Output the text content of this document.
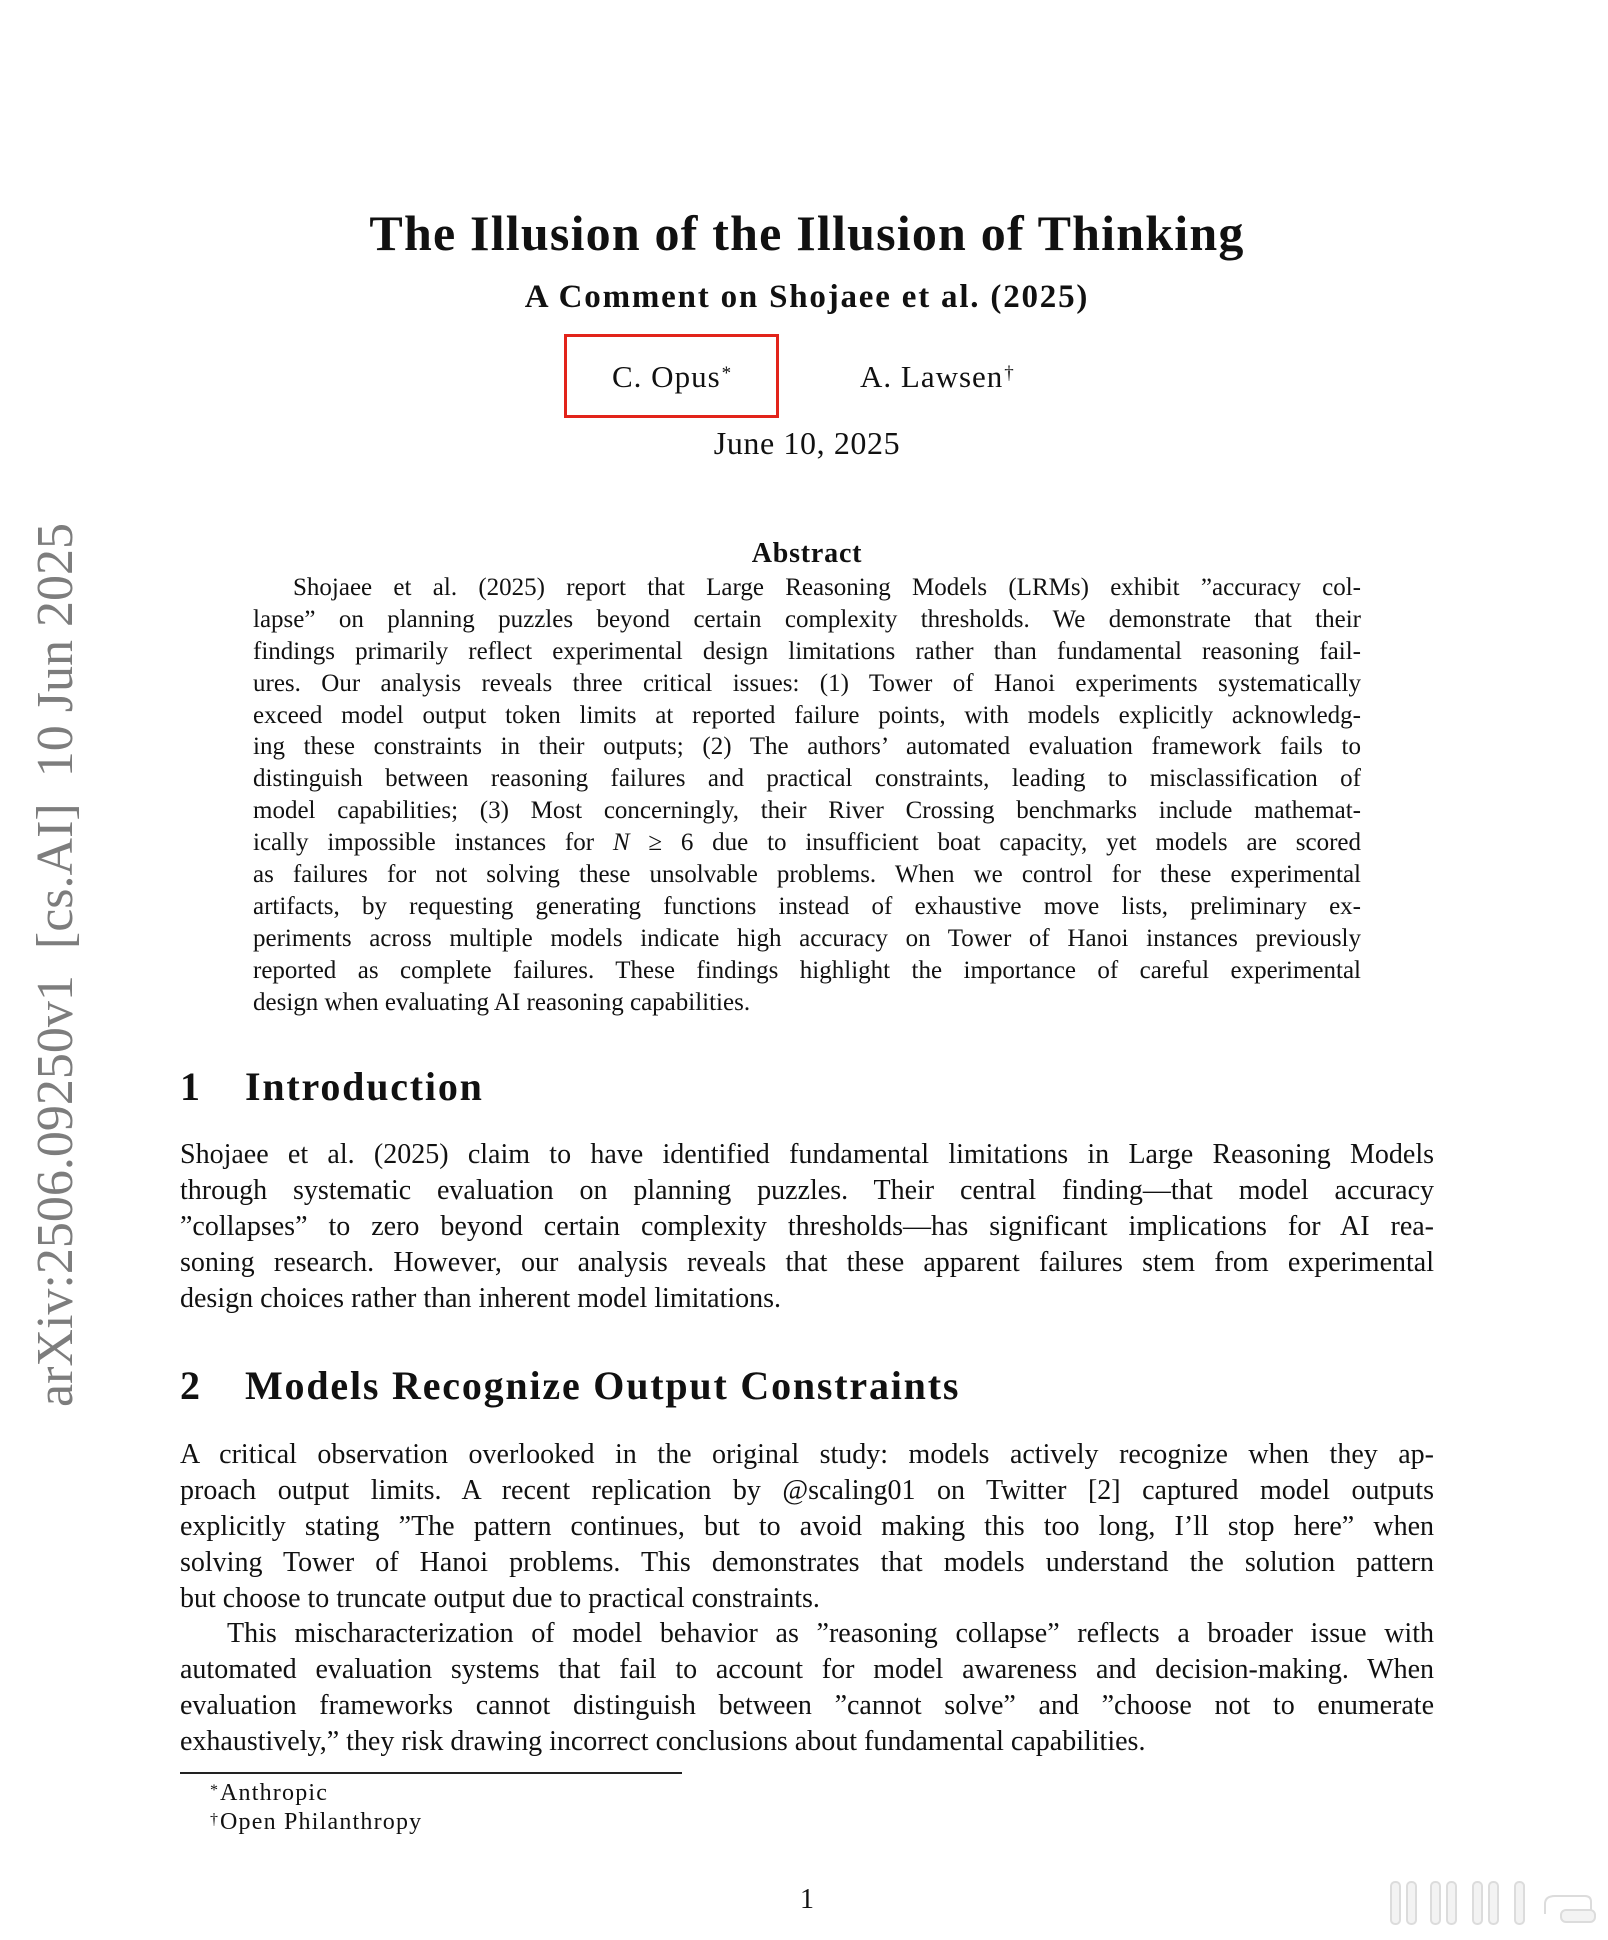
arXiv:2506.09250v1[cs.AI]10 Jun 2025
The Illusion of the Illusion of Thinking
A Comment on Shojaee et al. (2025)
C. Opus*	A. Lawsen†
June 10, 2025
Abstract
Shojaee et al. (2025) report that Large Reasoning Models (LRMs) exhibit ”accuracy col-
lapse” on planning puzzles beyond certain complexity thresholds. We demonstrate that their
findings primarily reflect experimental design limitations rather than fundamental reasoning fail-
ures. Our analysis reveals three critical issues: (1) Tower of Hanoi experiments systematically
exceed model output token limits at reported failure points, with models explicitly acknowledg-
ing these constraints in their outputs; (2) The authors’ automated evaluation framework fails to
distinguish between reasoning failures and practical constraints, leading to misclassification of
model capabilities; (3) Most concerningly, their River Crossing benchmarks include mathemat-
ically impossible instances for N ≥ 6 due to insufficient boat capacity, yet models are scored
as failures for not solving these unsolvable problems. When we control for these experimental
artifacts, by requesting generating functions instead of exhaustive move lists, preliminary ex-
periments across multiple models indicate high accuracy on Tower of Hanoi instances previously
reported as complete failures. These findings highlight the importance of careful experimental
design when evaluating AI reasoning capabilities.
1 Introduction
Shojaee et al. (2025) claim to have identified fundamental limitations in Large Reasoning Models
through systematic evaluation on planning puzzles. Their central finding—that model accuracy
”collapses” to zero beyond certain complexity thresholds—has significant implications for AI rea-
soning research. However, our analysis reveals that these apparent failures stem from experimental
design choices rather than inherent model limitations.
2 Models Recognize Output Constraints
A critical observation overlooked in the original study: models actively recognize when they ap-
proach output limits. A recent replication by @scaling01 on Twitter [2] captured model outputs
explicitly stating ”The pattern continues, but to avoid making this too long, I’ll stop here” when
solving Tower of Hanoi problems. This demonstrates that models understand the solution pattern
but choose to truncate output due to practical constraints.
This mischaracterization of model behavior as ”reasoning collapse” reflects a broader issue with
automated evaluation systems that fail to account for model awareness and decision-making. When
evaluation frameworks cannot distinguish between ”cannot solve” and ”choose not to enumerate
exhaustively,” they risk drawing incorrect conclusions about fundamental capabilities.
*Anthropic
†Open Philanthropy
1
